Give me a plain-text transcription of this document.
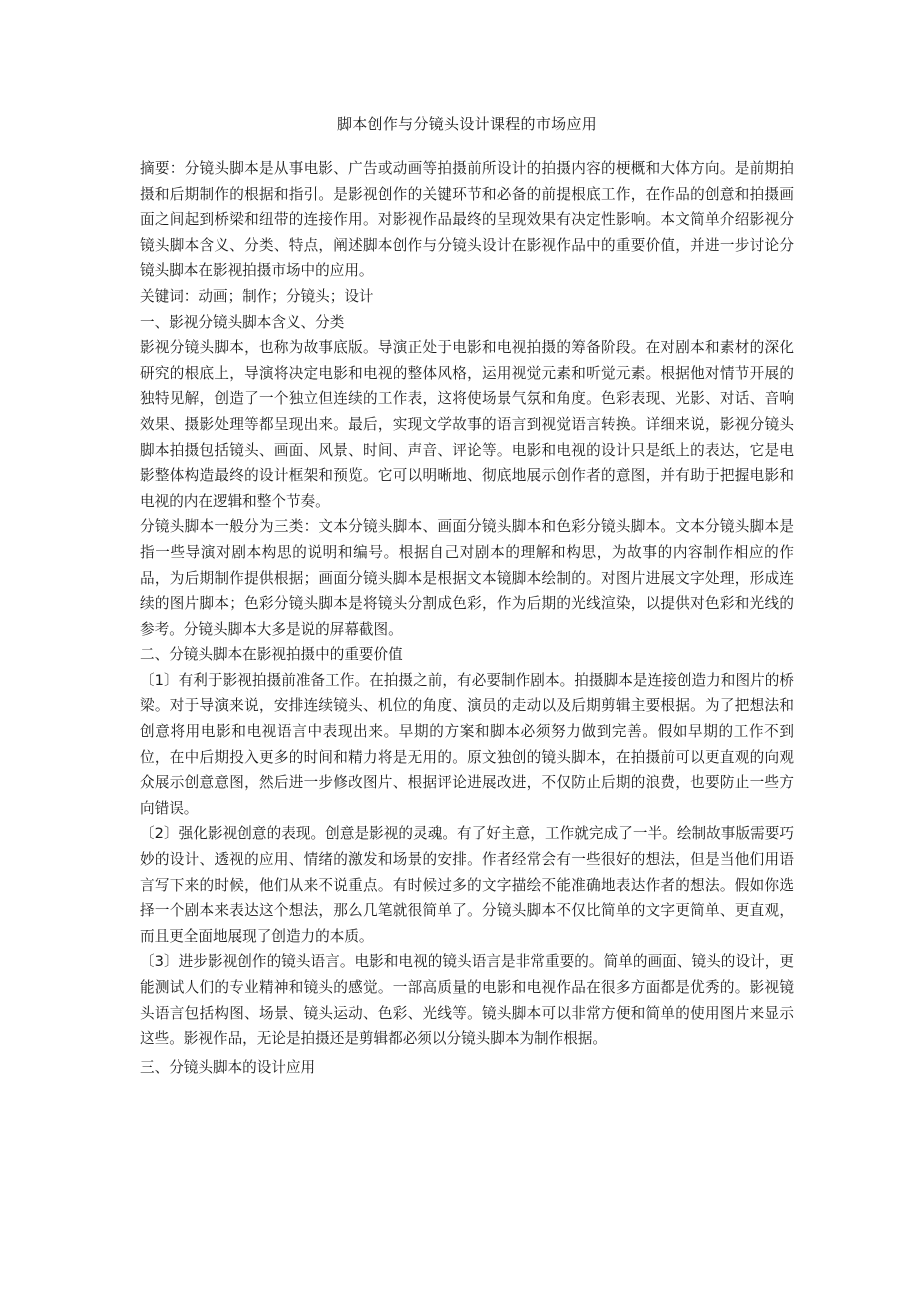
脚本创作与分镜头设计课程的市场应用

摘要：分镜头脚本是从事电影、广告或动画等拍摄前所设计的拍摄内容的梗概和大体方向。是前期拍摄和后期制作的根据和指引。是影视创作的关键环节和必备的前提根底工作，在作品的创意和拍摄画面之间起到桥梁和纽带的连接作用。对影视作品最终的呈现效果有决定性影响。本文简单介绍影视分镜头脚本含义、分类、特点，阐述脚本创作与分镜头设计在影视作品中的重要价值，并进一步讨论分镜头脚本在影视拍摄市场中的应用。

关键词：动画；制作；分镜头；设计

一、影视分镜头脚本含义、分类

影视分镜头脚本，也称为故事底版。导演正处于电影和电视拍摄的筹备阶段。在对剧本和素材的深化研究的根底上，导演将决定电影和电视的整体风格，运用视觉元素和听觉元素。根据他对情节开展的独特见解，创造了一个独立但连续的工作表，这将使场景气氛和角度。色彩表现、光影、对话、音响效果、摄影处理等都呈现出来。最后，实现文学故事的语言到视觉语言转换。详细来说，影视分镜头脚本拍摄包括镜头、画面、风景、时间、声音、评论等。电影和电视的设计只是纸上的表达，它是电影整体构造最终的设计框架和预览。它可以明晰地、彻底地展示创作者的意图，并有助于把握电影和电视的内在逻辑和整个节奏。

分镜头脚本一般分为三类：文本分镜头脚本、画面分镜头脚本和色彩分镜头脚本。文本分镜头脚本是指一些导演对剧本构思的说明和编号。根据自己对剧本的理解和构思，为故事的内容制作相应的作品，为后期制作提供根据；画面分镜头脚本是根据文本镜脚本绘制的。对图片进展文字处理，形成连续的图片脚本；色彩分镜头脚本是将镜头分割成色彩，作为后期的光线渲染，以提供对色彩和光线的参考。分镜头脚本大多是说的屏幕截图。

二、分镜头脚本在影视拍摄中的重要价值

〔1〕有利于影视拍摄前准备工作。在拍摄之前，有必要制作剧本。拍摄脚本是连接创造力和图片的桥梁。对于导演来说，安排连续镜头、机位的角度、演员的走动以及后期剪辑主要根据。为了把想法和创意将用电影和电视语言中表现出来。早期的方案和脚本必须努力做到完善。假如早期的工作不到位，在中后期投入更多的时间和精力将是无用的。原文独创的镜头脚本，在拍摄前可以更直观的向观众展示创意意图，然后进一步修改图片、根据评论进展改进，不仅防止后期的浪费，也要防止一些方向错误。

〔2〕强化影视创意的表现。创意是影视的灵魂。有了好主意，工作就完成了一半。绘制故事版需要巧妙的设计、透视的应用、情绪的激发和场景的安排。作者经常会有一些很好的想法，但是当他们用语言写下来的时候，他们从来不说重点。有时候过多的文字描绘不能准确地表达作者的想法。假如你选择一个剧本来表达这个想法，那么几笔就很简单了。分镜头脚本不仅比简单的文字更简单、更直观，而且更全面地展现了创造力的本质。

〔3〕进步影视创作的镜头语言。电影和电视的镜头语言是非常重要的。简单的画面、镜头的设计，更能测试人们的专业精神和镜头的感觉。一部高质量的电影和电视作品在很多方面都是优秀的。影视镜头语言包括构图、场景、镜头运动、色彩、光线等。镜头脚本可以非常方便和简单的使用图片来显示这些。影视作品，无论是拍摄还是剪辑都必须以分镜头脚本为制作根据。

三、分镜头脚本的设计应用
